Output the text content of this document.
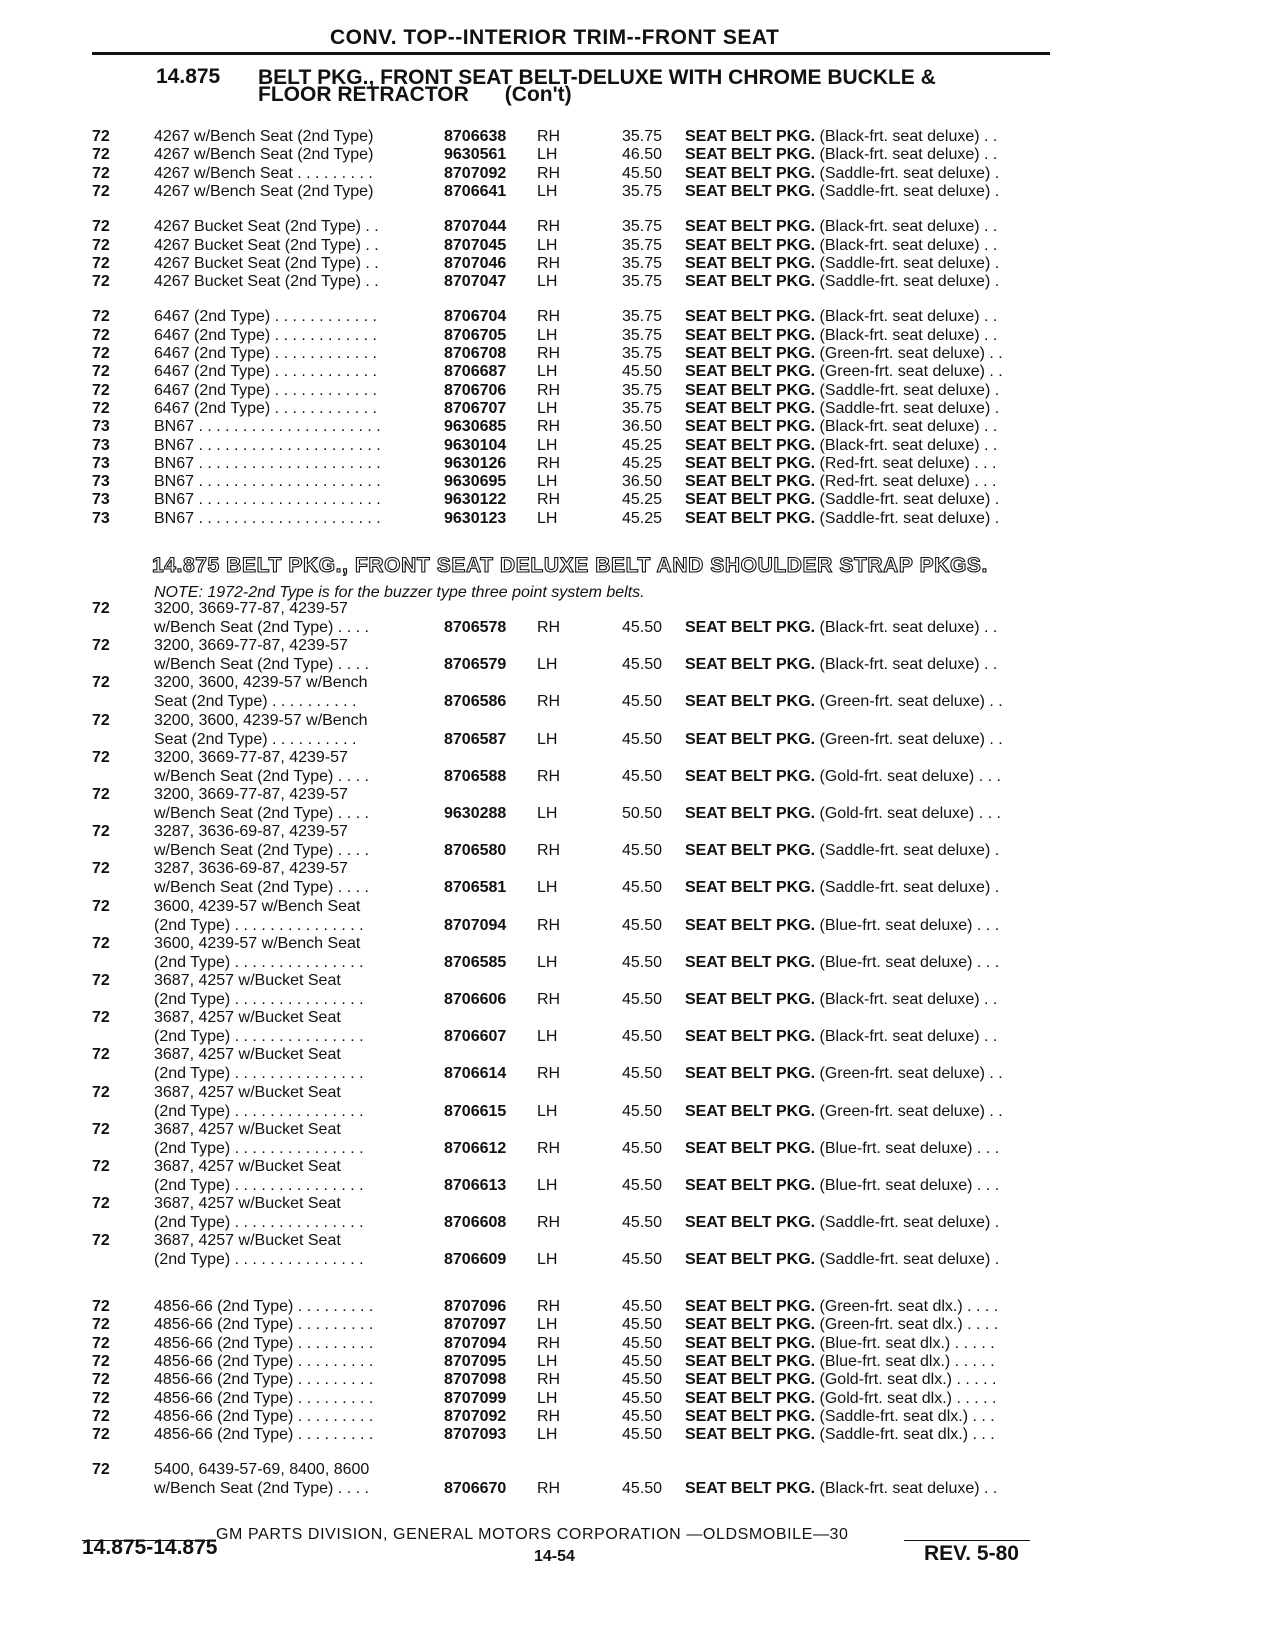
CONV. TOP--INTERIOR TRIM--FRONT SEAT
14.875 BELT PKG., FRONT SEAT BELT-DELUXE WITH CHROME BUCKLE &
FLOOR RETRACTOR (Con't)
72	4267 w/Bench Seat (2nd Type)	8706638 RH	35.75 SEAT BELT PKG. (Black-frt. seat deluxe) . .
72	4267 w/Bench Seat (2nd Type)	9630561 LH	46.50 SEAT BELT PKG. (Black-frt. seat deluxe) . .
72	4267 w/Bench Seat . . . . . . . . .	8707092 RH	45.50 SEAT BELT PKG. (Saddle-frt. seat deluxe) .
72	4267 w/Bench Seat (2nd Type)	8706641 LH	35.75 SEAT BELT PKG. (Saddle-frt. seat deluxe) .
72	4267 Bucket Seat (2nd Type) . .	8707044 RH	35.75 SEAT BELT PKG. (Black-frt. seat deluxe) . .
72	4267 Bucket Seat (2nd Type) . .	8707045 LH	35.75 SEAT BELT PKG. (Black-frt. seat deluxe) . .
72	4267 Bucket Seat (2nd Type) . .	8707046 RH	35.75 SEAT BELT PKG. (Saddle-frt. seat deluxe) .
72	4267 Bucket Seat (2nd Type) . .	8707047 LH	35.75 SEAT BELT PKG. (Saddle-frt. seat deluxe) .
72	6467 (2nd Type) . . . . . . . . . . . .	8706704 RH	35.75 SEAT BELT PKG. (Black-frt. seat deluxe) . .
72	6467 (2nd Type) . . . . . . . . . . . .	8706705 LH	35.75 SEAT BELT PKG. (Black-frt. seat deluxe) . .
72	6467 (2nd Type) . . . . . . . . . . . .	8706708 RH	35.75 SEAT BELT PKG. (Green-frt. seat deluxe) . .
72	6467 (2nd Type) . . . . . . . . . . . .	8706687 LH	45.50 SEAT BELT PKG. (Green-frt. seat deluxe) . .
72	6467 (2nd Type) . . . . . . . . . . . .	8706706 RH	35.75 SEAT BELT PKG. (Saddle-frt. seat deluxe) .
72	6467 (2nd Type) . . . . . . . . . . . .	8706707 LH	35.75 SEAT BELT PKG. (Saddle-frt. seat deluxe) .
73	BN67 . . . . . . . . . . . . . . . . . . . . .	9630685 RH	36.50 SEAT BELT PKG. (Black-frt. seat deluxe) . .
73	BN67 . . . . . . . . . . . . . . . . . . . . .	9630104 LH	45.25 SEAT BELT PKG. (Black-frt. seat deluxe) . .
73	BN67 . . . . . . . . . . . . . . . . . . . . .	9630126 RH	45.25 SEAT BELT PKG. (Red-frt. seat deluxe) . . .
73	BN67 . . . . . . . . . . . . . . . . . . . . .	9630695 LH	36.50 SEAT BELT PKG. (Red-frt. seat deluxe) . . .
73	BN67 . . . . . . . . . . . . . . . . . . . . .	9630122 RH	45.25 SEAT BELT PKG. (Saddle-frt. seat deluxe) .
73	BN67 . . . . . . . . . . . . . . . . . . . . .	9630123 LH	45.25 SEAT BELT PKG. (Saddle-frt. seat deluxe) .
14.875 BELT PKG., FRONT SEAT DELUXE BELT AND SHOULDER STRAP PKGS.
NOTE: 1972-2nd Type is for the buzzer type three point system belts.
72	3200, 3669-77-87, 4239-57
w/Bench Seat (2nd Type) . . . .	8706578 RH	45.50 SEAT BELT PKG. (Black-frt. seat deluxe) . .
72	3200, 3669-77-87, 4239-57
w/Bench Seat (2nd Type) . . . .	8706579 LH	45.50 SEAT BELT PKG. (Black-frt. seat deluxe) . .
72	3200, 3600, 4239-57 w/Bench
Seat (2nd Type) . . . . . . . . . .	8706586 RH	45.50 SEAT BELT PKG. (Green-frt. seat deluxe) . .
72	3200, 3600, 4239-57 w/Bench
Seat (2nd Type) . . . . . . . . . .	8706587 LH	45.50 SEAT BELT PKG. (Green-frt. seat deluxe) . .
72	3200, 3669-77-87, 4239-57
w/Bench Seat (2nd Type) . . . .	8706588 RH	45.50 SEAT BELT PKG. (Gold-frt. seat deluxe) . . .
72	3200, 3669-77-87, 4239-57
w/Bench Seat (2nd Type) . . . .	9630288 LH	50.50 SEAT BELT PKG. (Gold-frt. seat deluxe) . . .
72	3287, 3636-69-87, 4239-57
w/Bench Seat (2nd Type) . . . .	8706580 RH	45.50 SEAT BELT PKG. (Saddle-frt. seat deluxe) .
72	3287, 3636-69-87, 4239-57
w/Bench Seat (2nd Type) . . . .	8706581 LH	45.50 SEAT BELT PKG. (Saddle-frt. seat deluxe) .
72	3600, 4239-57 w/Bench Seat
(2nd Type) . . . . . . . . . . . . . . .	8707094 RH	45.50 SEAT BELT PKG. (Blue-frt. seat deluxe) . . .
72	3600, 4239-57 w/Bench Seat
(2nd Type) . . . . . . . . . . . . . . .	8706585 LH	45.50 SEAT BELT PKG. (Blue-frt. seat deluxe) . . .
72	3687, 4257 w/Bucket Seat
(2nd Type) . . . . . . . . . . . . . . .	8706606 RH	45.50 SEAT BELT PKG. (Black-frt. seat deluxe) . .
72	3687, 4257 w/Bucket Seat
(2nd Type) . . . . . . . . . . . . . . .	8706607 LH	45.50 SEAT BELT PKG. (Black-frt. seat deluxe) . .
72	3687, 4257 w/Bucket Seat
(2nd Type) . . . . . . . . . . . . . . .	8706614 RH	45.50 SEAT BELT PKG. (Green-frt. seat deluxe) . .
72	3687, 4257 w/Bucket Seat
(2nd Type) . . . . . . . . . . . . . . .	8706615 LH	45.50 SEAT BELT PKG. (Green-frt. seat deluxe) . .
72	3687, 4257 w/Bucket Seat
(2nd Type) . . . . . . . . . . . . . . .	8706612 RH	45.50 SEAT BELT PKG. (Blue-frt. seat deluxe) . . .
72	3687, 4257 w/Bucket Seat
(2nd Type) . . . . . . . . . . . . . . .	8706613 LH	45.50 SEAT BELT PKG. (Blue-frt. seat deluxe) . . .
72	3687, 4257 w/Bucket Seat
(2nd Type) . . . . . . . . . . . . . . .	8706608 RH	45.50 SEAT BELT PKG. (Saddle-frt. seat deluxe) .
72	3687, 4257 w/Bucket Seat
(2nd Type) . . . . . . . . . . . . . . .	8706609 LH	45.50 SEAT BELT PKG. (Saddle-frt. seat deluxe) .
72	4856-66 (2nd Type) . . . . . . . . .	8707096 RH	45.50 SEAT BELT PKG. (Green-frt. seat dlx.) . . . .
72	4856-66 (2nd Type) . . . . . . . . .	8707097 LH	45.50 SEAT BELT PKG. (Green-frt. seat dlx.) . . . .
72	4856-66 (2nd Type) . . . . . . . . .	8707094 RH	45.50 SEAT BELT PKG. (Blue-frt. seat dlx.) . . . . .
72	4856-66 (2nd Type) . . . . . . . . .	8707095 LH	45.50 SEAT BELT PKG. (Blue-frt. seat dlx.) . . . . .
72	4856-66 (2nd Type) . . . . . . . . .	8707098 RH	45.50 SEAT BELT PKG. (Gold-frt. seat dlx.) . . . . .
72	4856-66 (2nd Type) . . . . . . . . .	8707099 LH	45.50 SEAT BELT PKG. (Gold-frt. seat dlx.) . . . . .
72	4856-66 (2nd Type) . . . . . . . . .	8707092 RH	45.50 SEAT BELT PKG. (Saddle-frt. seat dlx.) . . .
72	4856-66 (2nd Type) . . . . . . . . .	8707093 LH	45.50 SEAT BELT PKG. (Saddle-frt. seat dlx.) . . .
72	5400, 6439-57-69, 8400, 8600
w/Bench Seat (2nd Type) . . . .	8706670 RH	45.50 SEAT BELT PKG. (Black-frt. seat deluxe) . .
GM PARTS DIVISION, GENERAL MOTORS CORPORATION —OLDSMOBILE—30
14.875-14.875	14-54	REV. 5-80
